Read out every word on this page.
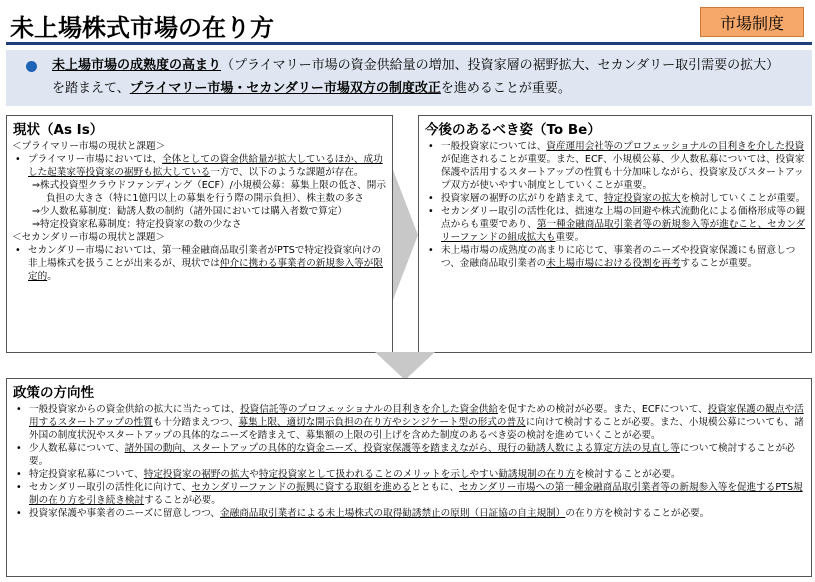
未上場株式市場の在り方	市場制度
未上場市場の成熟度の高まり（プライマリー市場の資金供給量の増加、投資家層の裾野拡大、セカンダリー取引需要の拡大）を踏まえて、プライマリー市場・セカンダリー市場双方の制度改正を進めることが重要。
現状（As Is）
＜プライマリー市場の現状と課題＞
• プライマリー市場においては、全体としての資金供給量が拡大しているほか、成功した起業家等投資家の裾野も拡大している一方で、以下のような課題が存在。
⇒株式投資型クラウドファンディング（ECF）/小規模公募：募集上限の低さ、開示負担の大きさ（特に1億円以上の募集を行う際の開示負担）、株主数の多さ
⇒少人数私募制度：勧誘人数の制約（諸外国においては購入者数で算定）
⇒特定投資家私募制度：特定投資家の数の少なさ
＜セカンダリー市場の現状と課題＞
• セカンダリー市場においては、第一種金融商品取引業者がPTSで特定投資家向けの非上場株式を扱うことが出来るが、現状では仲介に携わる事業者の新規参入等が限定的。
今後のあるべき姿（To Be）
• 一般投資家については、資産運用会社等のプロフェッショナルの目利きを介した投資が促進されることが重要。また、ECF、小規模公募、少人数私募については、投資家保護や活用するスタートアップの性質も十分加味しながら、投資家及びスタートアップ双方が使いやすい制度としていくことが重要。
• 投資家層の裾野の広がりを踏まえて、特定投資家の拡大を検討していくことが重要。
• セカンダリー取引の活性化は、拙速な上場の回避や株式流動化による価格形成等の観点からも重要であり、第一種金融商品取引業者等の新規参入等が進むこと、セカンダリーファンドの組成拡大も重要。
• 未上場市場の成熟度の高まりに応じて、事業者のニーズや投資家保護にも留意しつつ、金融商品取引業者の未上場市場における役割を再考することが重要。
政策の方向性
• 一般投資家からの資金供給の拡大に当たっては、投資信託等のプロフェッショナルの目利きを介した資金供給を促すための検討が必要。また、ECFについて、投資家保護の観点や活用するスタートアップの性質も十分踏まえつつ、募集上限、適切な開示負担の在り方やシンジケート型の形式の普及に向けて検討することが必要。また、小規模公募についても、諸外国の制度状況やスタートアップの具体的なニーズを踏まえて、募集額の上限の引上げを含めた制度のあるべき姿の検討を進めていくことが必要。
• 少人数私募について、諸外国の動向、スタートアップの具体的な資金ニーズ、投資家保護等を踏まえながら、現行の勧誘人数による算定方法の見直し等について検討することが必要。
• 特定投資家私募について、特定投資家の裾野の拡大や特定投資家として扱われることのメリットを示しやすい勧誘規制の在り方を検討することが必要。
• セカンダリー取引の活性化に向けて、セカンダリーファンドの振興に資する取組を進めるとともに、セカンダリー市場への第一種金融商品取引業者等の新規参入等を促進するPTS規制の在り方を引き続き検討することが必要。
• 投資家保護や事業者のニーズに留意しつつ、金融商品取引業者による未上場株式の取得勧誘禁止の原則（日証協の自主規制）の在り方を検討することが必要。
